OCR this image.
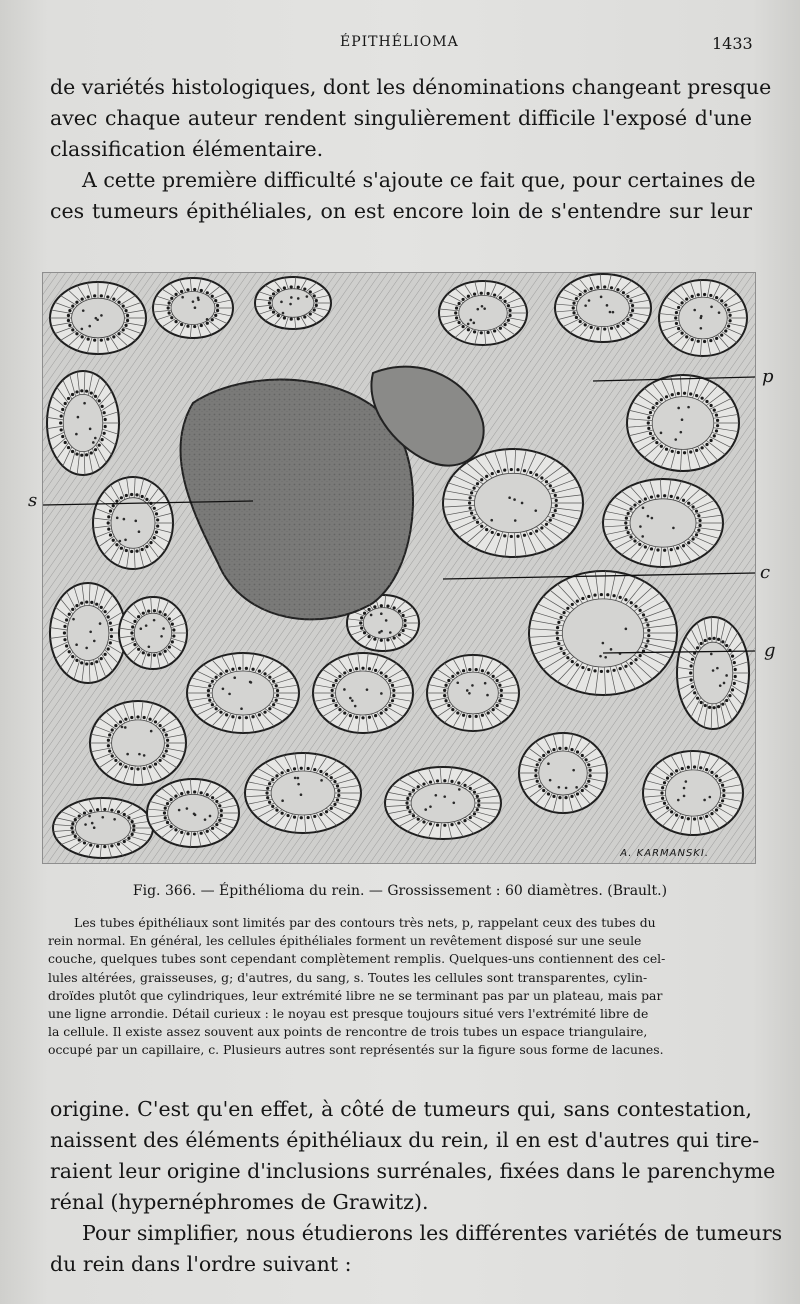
ÉPITHÉLIOMA	1433
de variétés histologiques, dont les dénominations changeant presque
avec chaque auteur rendent singulièrement difficile l'exposé d'une
classification élémentaire.
A cette première difficulté s'ajoute ce fait que, pour certaines de
ces tumeurs épithéliales, on est encore loin de s'entendre sur leur
A. KARMANSKI.
p
s
c
g
Fig. 366. — Épithélioma du rein. — Grossissement : 60 diamètres. (Brault.)
Les tubes épithéliaux sont limités par des contours très nets, p, rappelant ceux des tubes du
rein normal. En général, les cellules épithéliales forment un revêtement disposé sur une seule
couche, quelques tubes sont cependant complètement remplis. Quelques-uns contiennent des cel-
lules altérées, graisseuses, g; d'autres, du sang, s. Toutes les cellules sont transparentes, cylin-
droïdes plutôt que cylindriques, leur extrémité libre ne se terminant pas par un plateau, mais par
une ligne arrondie. Détail curieux : le noyau est presque toujours situé vers l'extrémité libre de
la cellule. Il existe assez souvent aux points de rencontre de trois tubes un espace triangulaire,
occupé par un capillaire, c. Plusieurs autres sont représentés sur la figure sous forme de lacunes.
origine. C'est qu'en effet, à côté de tumeurs qui, sans contestation,
naissent des éléments épithéliaux du rein, il en est d'autres qui tire-
raient leur origine d'inclusions surrénales, fixées dans le parenchyme
rénal (hypernéphromes de Grawitz).
Pour simplifier, nous étudierons les différentes variétés de tumeurs
du rein dans l'ordre suivant :
